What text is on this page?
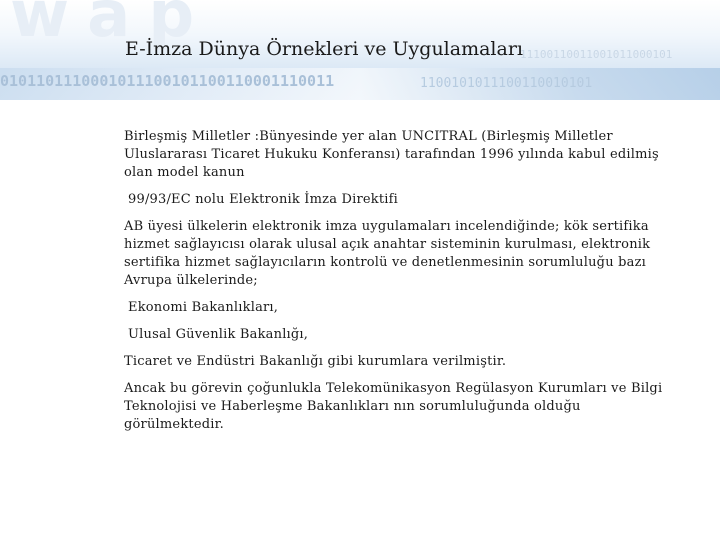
wap
11100110011001011000101
0101101110001011100101100110001110011	1100101011100110010101
E-İmza Dünya Örnekleri ve Uygulamaları

Birleşmiş Milletler :Bünyesinde yer alan UNCITRAL (Birleşmiş Milletler Uluslararası Ticaret Hukuku Konferansı) tarafından 1996 yılında kabul edilmiş olan model kanun

99/93/EC nolu Elektronik İmza Direktifi

AB üyesi ülkelerin elektronik imza uygulamaları incelendiğinde; kök sertifika hizmet sağlayıcısı olarak ulusal açık anahtar sisteminin kurulması, elektronik sertifika hizmet sağlayıcıların kontrolü ve denetlenmesinin sorumluluğu bazı Avrupa ülkelerinde;

Ekonomi Bakanlıkları,

Ulusal Güvenlik Bakanlığı,

Ticaret ve Endüstri Bakanlığı gibi kurumlara verilmiştir.

Ancak bu görevin çoğunlukla Telekomünikasyon Regülasyon Kurumları ve Bilgi Teknolojisi ve Haberleşme Bakanlıkları nın sorumluluğunda olduğu görülmektedir.
